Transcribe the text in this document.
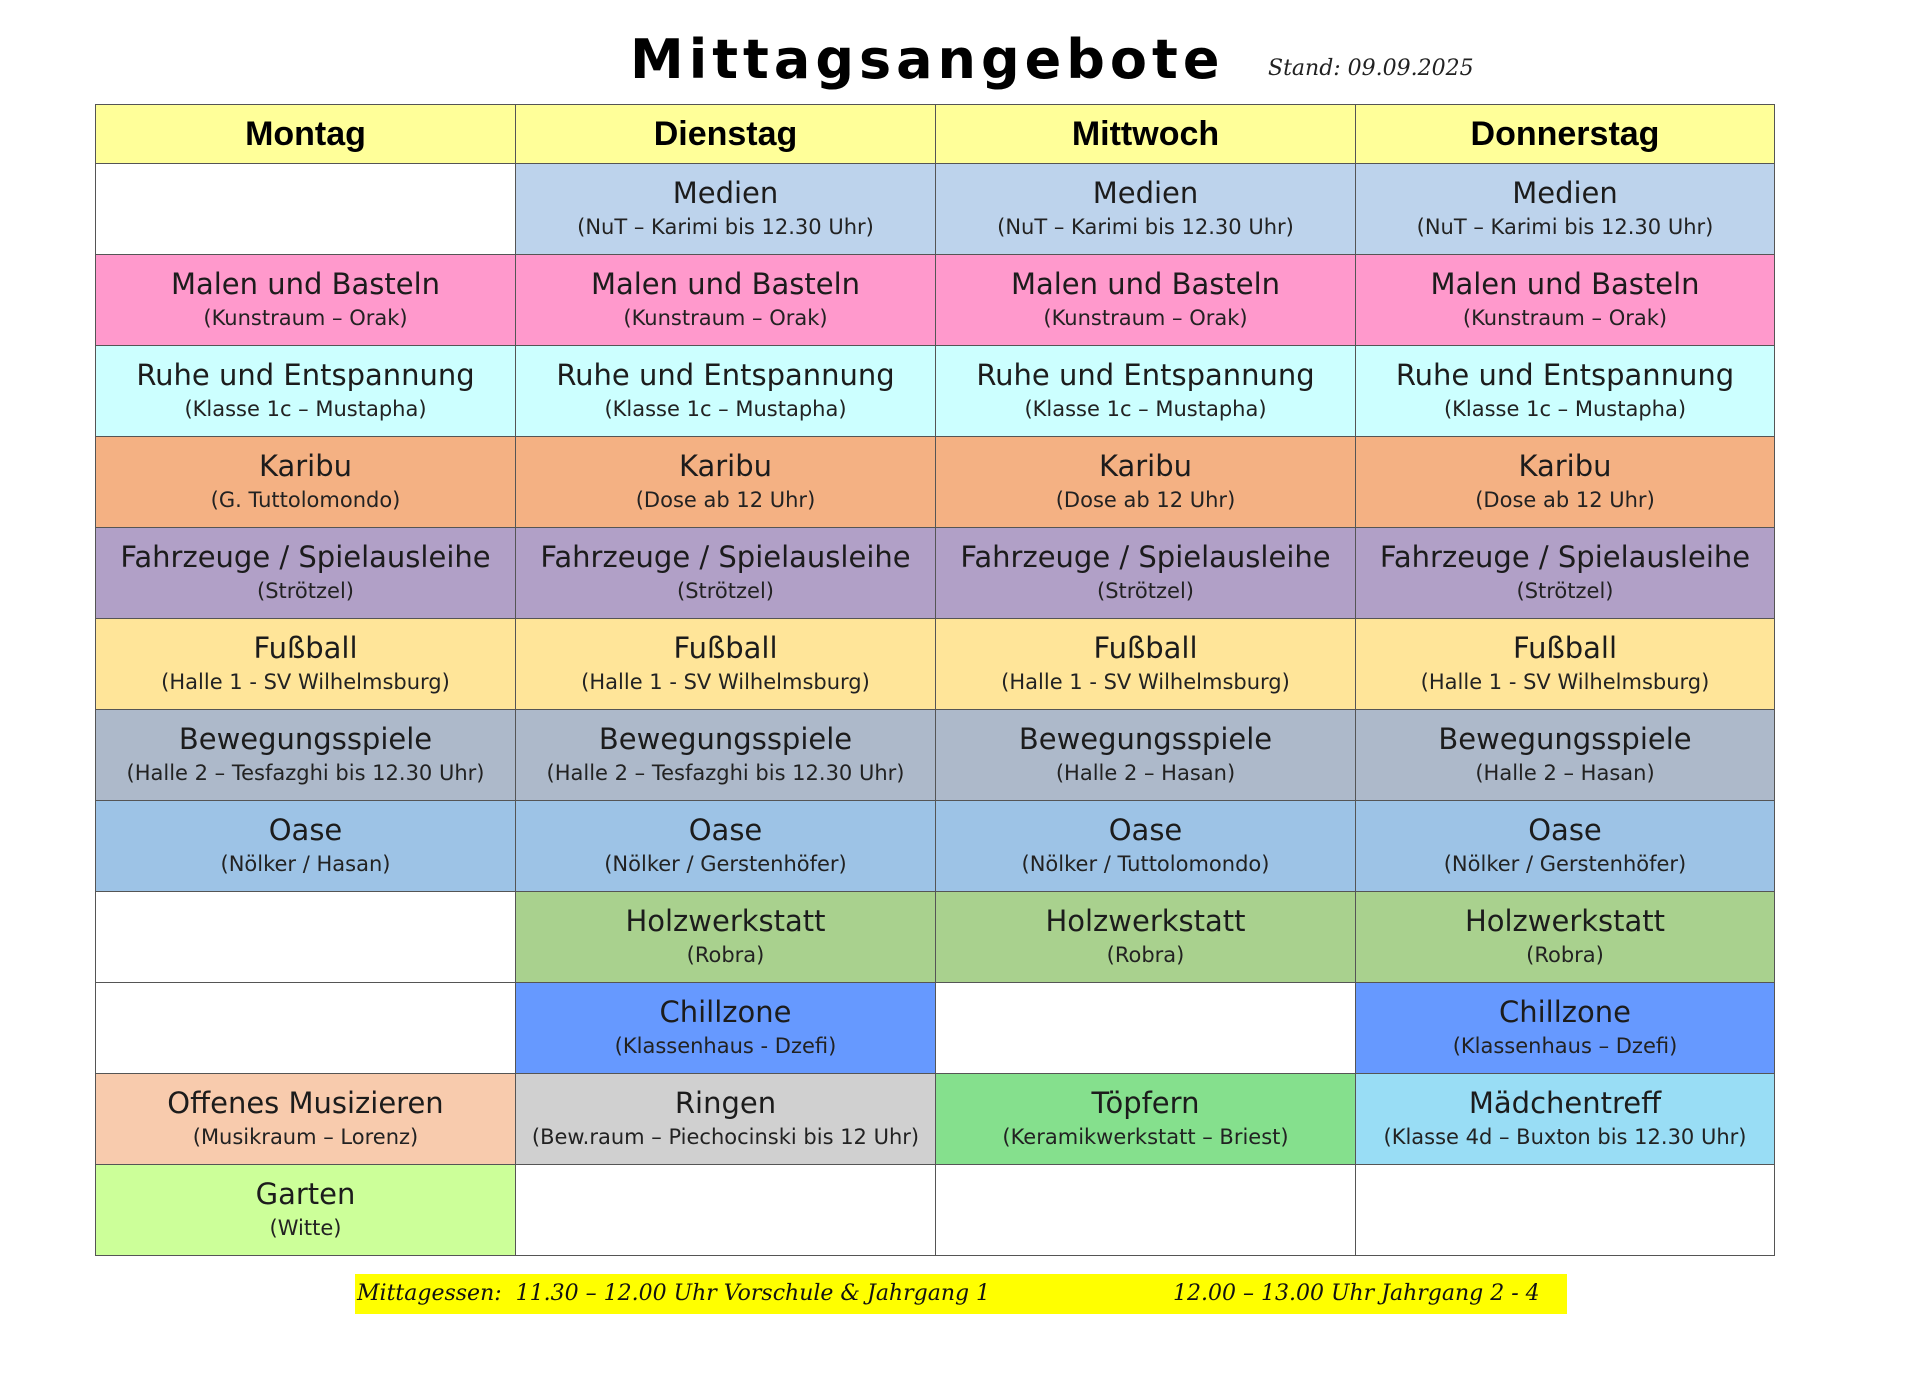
Mittagsangebote Stand: 09.09.2025
Montag	Dienstag	Mittwoch	Donnerstag

	Medien
(NuT – Karimi bis 12.30 Uhr)	Medien
(NuT – Karimi bis 12.30 Uhr)	Medien
(NuT – Karimi bis 12.30 Uhr)

Malen und Basteln
(Kunstraum – Orak)	Malen und Basteln
(Kunstraum – Orak)	Malen und Basteln
(Kunstraum – Orak)	Malen und Basteln
(Kunstraum – Orak)

Ruhe und Entspannung
(Klasse 1c – Mustapha)	Ruhe und Entspannung
(Klasse 1c – Mustapha)	Ruhe und Entspannung
(Klasse 1c – Mustapha)	Ruhe und Entspannung
(Klasse 1c – Mustapha)

Karibu
(G. Tuttolomondo)	Karibu
(Dose ab 12 Uhr)	Karibu
(Dose ab 12 Uhr)	Karibu
(Dose ab 12 Uhr)

Fahrzeuge / Spielausleihe
(Strötzel)	Fahrzeuge / Spielausleihe
(Strötzel)	Fahrzeuge / Spielausleihe
(Strötzel)	Fahrzeuge / Spielausleihe
(Strötzel)

Fußball
(Halle 1 - SV Wilhelmsburg)	Fußball
(Halle 1 - SV Wilhelmsburg)	Fußball
(Halle 1 - SV Wilhelmsburg)	Fußball
(Halle 1 - SV Wilhelmsburg)

Bewegungsspiele
(Halle 2 – Tesfazghi bis 12.30 Uhr)	Bewegungsspiele
(Halle 2 – Tesfazghi bis 12.30 Uhr)	Bewegungsspiele
(Halle 2 – Hasan)	Bewegungsspiele
(Halle 2 – Hasan)

Oase
(Nölker / Hasan)	Oase
(Nölker / Gerstenhöfer)	Oase
(Nölker / Tuttolomondo)	Oase
(Nölker / Gerstenhöfer)

	Holzwerkstatt
(Robra)	Holzwerkstatt
(Robra)	Holzwerkstatt
(Robra)

	Chillzone
(Klassenhaus - Dzefi)		Chillzone
(Klassenhaus – Dzefi)

Offenes Musizieren
(Musikraum – Lorenz)	Ringen
(Bew.raum – Piechocinski bis 12 Uhr)	Töpfern
(Keramikwerkstatt – Briest)	Mädchentreff
(Klasse 4d – Buxton bis 12.30 Uhr)

Garten
(Witte)			

Mittagessen:  11.30 – 12.00 Uhr Vorschule & Jahrgang 1

	12.00 – 13.00 Uhr Jahrgang 2 - 4
